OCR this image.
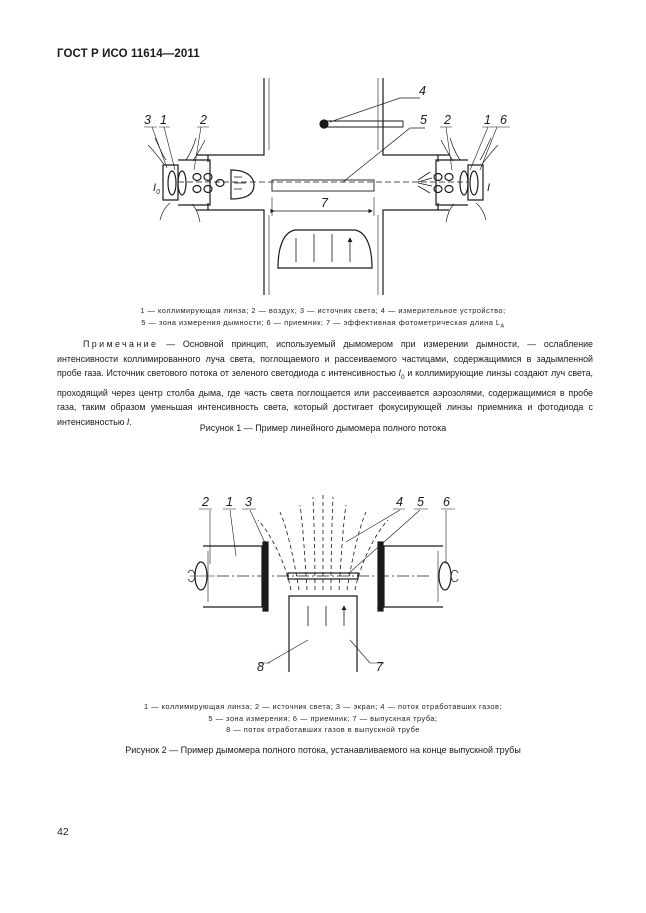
ГОСТ Р ИСО 11614—2011
3 1	2
4
5 2	1 6
7
$I_0$	I
1 — коллимирующая линза; 2 — воздух; 3 — источник света; 4 — измерительное устройство;
5 — зона измерения дымности; 6 — приемник; 7 — эффективная фотометрическая длина $L_A$
Примечание — Основной принцип, используемый дымомером при измерении дымности, — ослабление интенсивности коллимированного луча света, поглощаемого и рассеиваемого частицами, содержащимися в задымленной пробе газа. Источник светового потока от зеленого светодиода с интенсивностью $I_0$ и коллимирующие линзы создают луч света, проходящий через центр столба дыма, где часть света поглощается или рассеивается аэрозолями, содержащимися в пробе газа, таким образом уменьшая интенсивность света, который достигает фокусирующей линзы приемника и фотодиода с интенсивностью I.
Рисунок 1 — Пример линейного дымомера полного потока
2 1 3	4 5 6
8	7
1 — коллимирующая линза; 2 — источник света; 3 — экран; 4 — поток отработавших газов;
5 — зона измерения; 6 — приемник; 7 — выпускная труба;
8 — поток отработавших газов в выпускной трубе
Рисунок 2 — Пример дымомера полного потока, устанавливаемого на конце выпускной трубы
42
